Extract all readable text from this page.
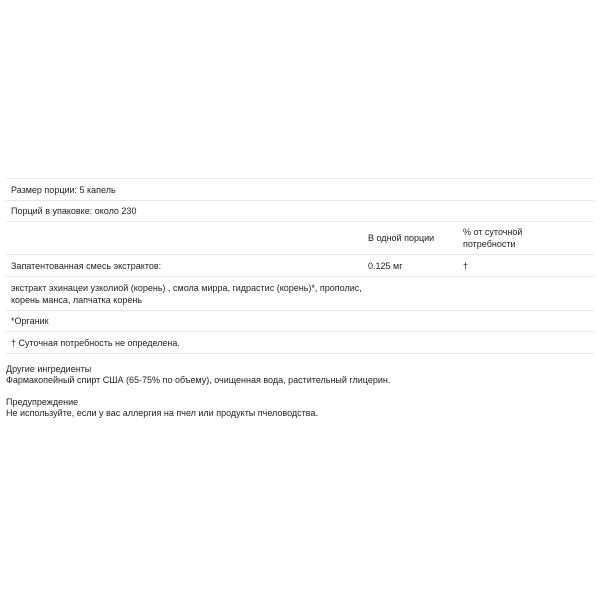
Размер порции: 5 капель
Порций в упаковке: около 230
В одной порции
% от суточной потребности
Запатентованная смесь экстрактов:	0.125 мг	†
экстракт эхинацеи узколиой (корень) , смола мирра, гидрастис (корень)*, прополис, корень манса, лапчатка корень
*Органик
† Суточная потребность не определена.
Другие ингредиенты
Фармакопейный спирт США (65-75% по объему), очищенная вода, растительный глицерин.
Предупреждение
Не используйте, если у вас аллергия на пчел или продукты пчеловодства.
